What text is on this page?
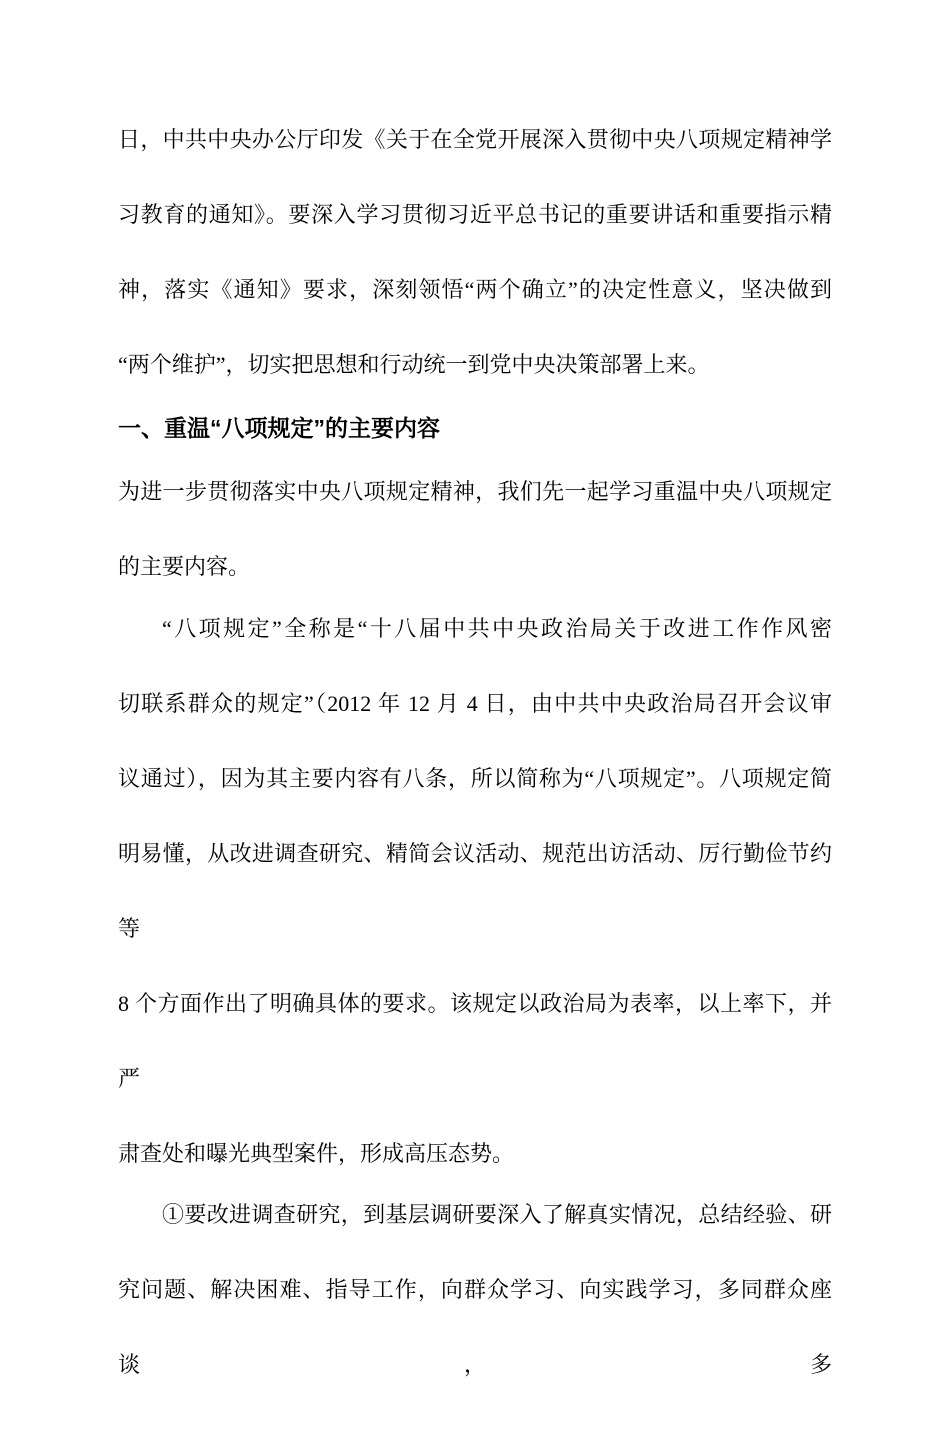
日，中共中央办公厅印发《关于在全党开展深入贯彻中央八项规定精神学
习教育的通知》。要深入学习贯彻习近平总书记的重要讲话和重要指示精
神，落实《通知》要求，深刻领悟“两个确立”的决定性意义，坚决做到
“两个维护”，切实把思想和行动统一到党中央决策部署上来。
一、重温“八项规定”的主要内容
为进一步贯彻落实中央八项规定精神，我们先一起学习重温中央八项规定
的主要内容。
“八项规定”全称是“十八届中共中央政治局关于改进工作作风密
切联系群众的规定”（2012 年 12 月 4 日，由中共中央政治局召开会议审
议通过），因为其主要内容有八条，所以简称为“八项规定”。八项规定简
明易懂，从改进调查研究、精简会议活动、规范出访活动、厉行勤俭节约等
8 个方面作出了明确具体的要求。该规定以政治局为表率，以上率下，并严
肃查处和曝光典型案件，形成高压态势。
①要改进调查研究，到基层调研要深入了解真实情况，总结经验、研
究问题、解决困难、指导工作，向群众学习、向实践学习，多同群众座谈，多
